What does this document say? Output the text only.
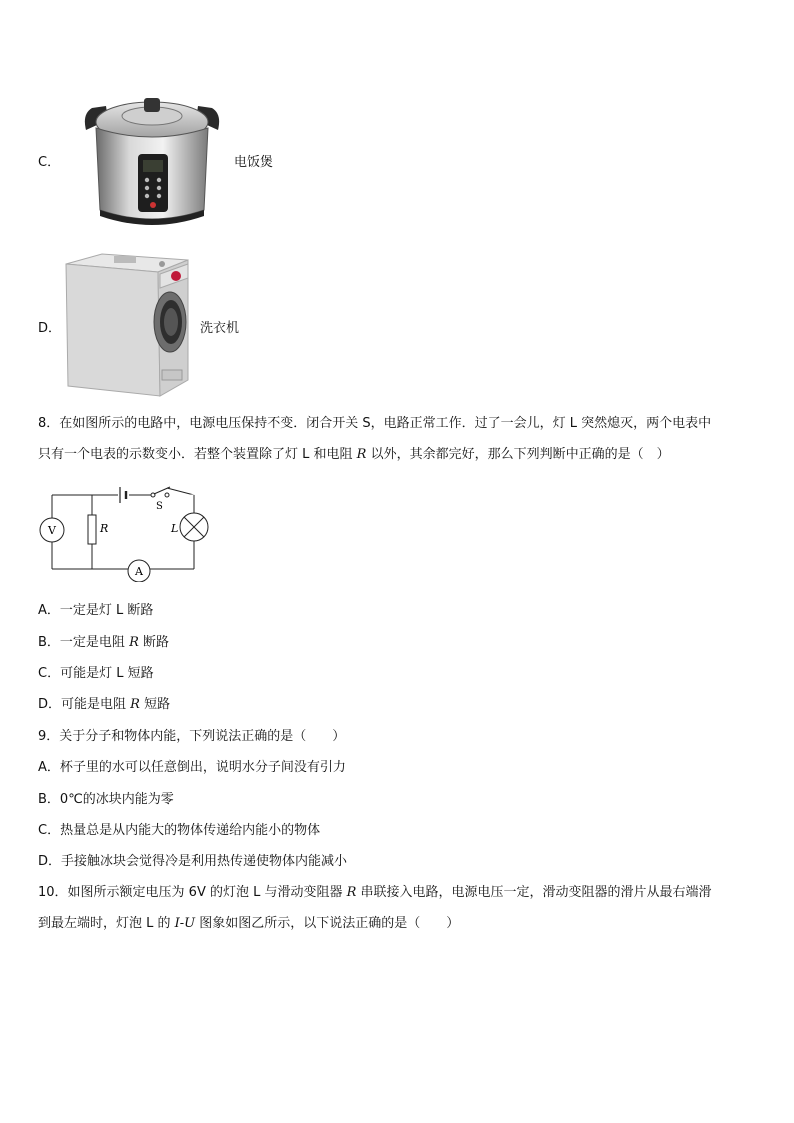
C．	电饭煲
D．	洗衣机
8．在如图所示的电路中，电源电压保持不变．闭合开关 S，电路正常工作．过了一会儿，灯 L 突然熄灭，两个电表中
只有一个电表的示数变小．若整个装置除了灯 L 和电阻 R 以外，其余都完好，那么下列判断中正确的是（　）
V
A
S
R	L
A．一定是灯 L 断路
B．一定是电阻 R 断路
C．可能是灯 L 短路
D．可能是电阻 R 短路
9．关于分子和物体内能，下列说法正确的是（　　）
A．杯子里的水可以任意倒出，说明水分子间没有引力
B．0℃的冰块内能为零
C．热量总是从内能大的物体传递给内能小的物体
D．手接触冰块会觉得冷是利用热传递使物体内能减小
10．如图所示额定电压为 6V 的灯泡 L 与滑动变阻器 R 串联接入电路，电源电压一定，滑动变阻器的滑片从最右端滑
到最左端时，灯泡 L 的 I-U 图象如图乙所示，以下说法正确的是（　　）
